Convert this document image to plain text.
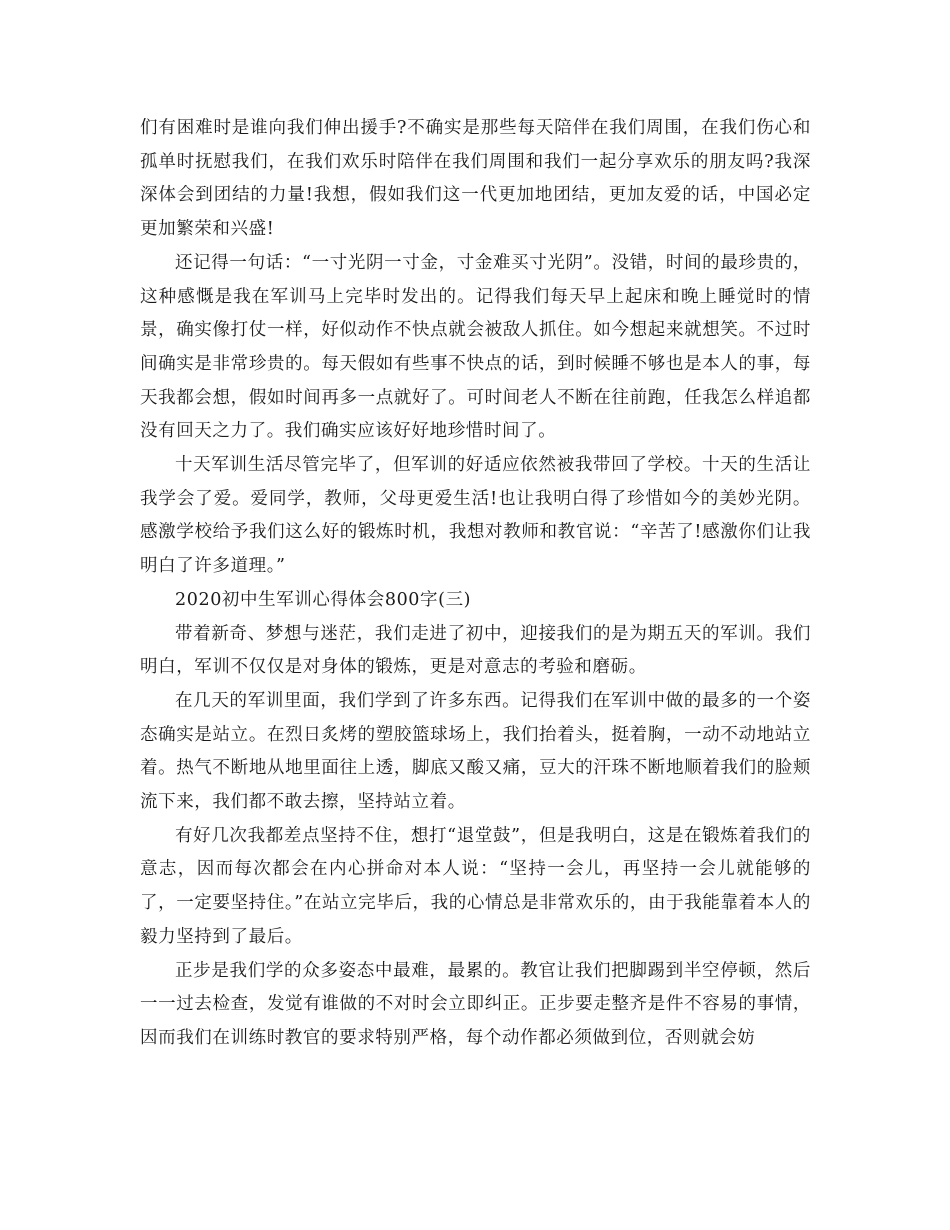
们有困难时是谁向我们伸出援手?不确实是那些每天陪伴在我们周围，在我们伤心和孤单时抚慰我们，在我们欢乐时陪伴在我们周围和我们一起分享欢乐的朋友吗?我深深体会到团结的力量!我想，假如我们这一代更加地团结，更加友爱的话，中国必定更加繁荣和兴盛!

还记得一句话：“一寸光阴一寸金，寸金难买寸光阴”。没错，时间的最珍贵的，这种感慨是我在军训马上完毕时发出的。记得我们每天早上起床和晚上睡觉时的情景，确实像打仗一样，好似动作不快点就会被敌人抓住。如今想起来就想笑。不过时间确实是非常珍贵的。每天假如有些事不快点的话，到时候睡不够也是本人的事，每天我都会想，假如时间再多一点就好了。可时间老人不断在往前跑，任我怎么样追都没有回天之力了。我们确实应该好好地珍惜时间了。

十天军训生活尽管完毕了，但军训的好适应依然被我带回了学校。十天的生活让我学会了爱。爱同学，教师，父母更爱生活!也让我明白得了珍惜如今的美妙光阴。感激学校给予我们这么好的锻炼时机，我想对教师和教官说：“辛苦了!感激你们让我明白了许多道理。”

2020初中生军训心得体会800字(三)

带着新奇、梦想与迷茫，我们走进了初中，迎接我们的是为期五天的军训。我们明白，军训不仅仅是对身体的锻炼，更是对意志的考验和磨砺。

在几天的军训里面，我们学到了许多东西。记得我们在军训中做的最多的一个姿态确实是站立。在烈日炙烤的塑胶篮球场上，我们抬着头，挺着胸，一动不动地站立着。热气不断地从地里面往上透，脚底又酸又痛，豆大的汗珠不断地顺着我们的脸颊流下来，我们都不敢去擦，坚持站立着。

有好几次我都差点坚持不住，想打“退堂鼓”，但是我明白，这是在锻炼着我们的意志，因而每次都会在内心拼命对本人说：“坚持一会儿，再坚持一会儿就能够的了，一定要坚持住。”在站立完毕后，我的心情总是非常欢乐的，由于我能靠着本人的毅力坚持到了最后。

正步是我们学的众多姿态中最难，最累的。教官让我们把脚踢到半空停顿，然后一一过去检查，发觉有谁做的不对时会立即纠正。正步要走整齐是件不容易的事情，因而我们在训练时教官的要求特别严格，每个动作都必须做到位，否则就会妨
